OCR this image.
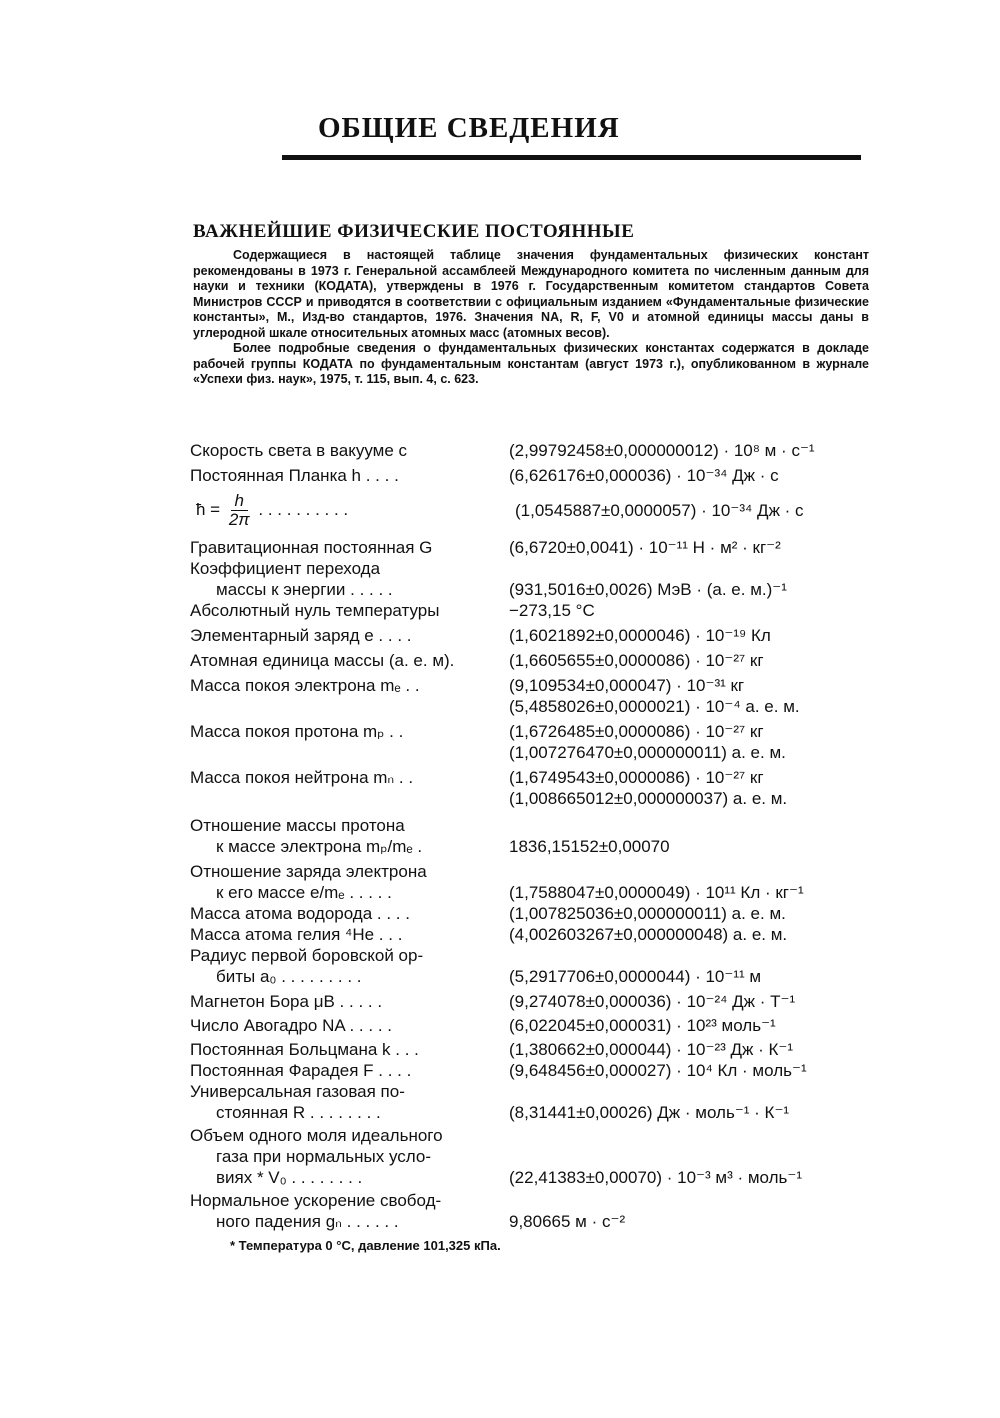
ОБЩИЕ СВЕДЕНИЯ
ВАЖНЕЙШИЕ ФИЗИЧЕСКИЕ ПОСТОЯННЫЕ

Содержащиеся в настоящей таблице значения фундаментальных физических констант рекомендованы в 1973 г. Генеральной ассамблеей Международного комитета по численным данным для науки и техники (КОДАТА), утверждены в 1976 г. Государственным комитетом стандартов Совета Министров СССР и приводятся в соответствии с официальным изданием «Фундаментальные физические константы», М., Изд-во стандартов, 1976. Значения NA, R, F, V0 и атомной единицы массы даны в углеродной шкале относительных атомных масс (атомных весов).

Более подробные сведения о фундаментальных физических константах содержатся в докладе рабочей группы КОДАТА по фундаментальным константам (август 1973 г.), опубликованном в журнале «Успехи физ. наук», 1975, т. 115, вып. 4, с. 623.

Скорость света в вакууме c	(2,99792458±0,000000012) · 10⁸ м · с⁻¹
Постоянная Планка h . . . .	(6,626176±0,000036) · 10⁻³⁴ Дж · с
ħ = $\frac{h}{2\pi}$ . . . . . . . . . .	(1,0545887±0,0000057) · 10⁻³⁴ Дж · с
Гравитационная постоянная G	(6,6720±0,0041) · 10⁻¹¹ Н · м² · кг⁻²
Коэффициент перехода
массы к энергии . . . . .	(931,5016±0,0026) МэВ · (а. е. м.)⁻¹
Абсолютный нуль температуры	−273,15 °С
Элементарный заряд e . . . .	(1,6021892±0,0000046) · 10⁻¹⁹ Кл
Атомная единица массы (а. е. м).	(1,6605655±0,0000086) · 10⁻²⁷ кг
Масса покоя электрона mₑ . .	(9,109534±0,000047) · 10⁻³¹ кг
(5,4858026±0,0000021) · 10⁻⁴ а. е. м.
Масса покоя протона mₚ . .	(1,6726485±0,0000086) · 10⁻²⁷ кг
(1,007276470±0,000000011) а. е. м.
Масса покоя нейтрона mₙ . .	(1,6749543±0,0000086) · 10⁻²⁷ кг
(1,008665012±0,000000037) а. е. м.
Отношение массы протона
к массе электрона mₚ/mₑ .	1836,15152±0,00070
Отношение заряда электрона
к его массе e/mₑ . . . . .	(1,7588047±0,0000049) · 10¹¹ Кл · кг⁻¹
Масса атома водорода . . . .	(1,007825036±0,000000011) а. е. м.
Масса атома гелия ⁴He . . .	(4,002603267±0,000000048) а. е. м.
Радиус первой боровской ор-
биты a₀ . . . . . . . . .	(5,2917706±0,0000044) · 10⁻¹¹ м
Магнетон Бора μB . . . . .	(9,274078±0,000036) · 10⁻²⁴ Дж · Т⁻¹
Число Авогадро NA . . . . .	(6,022045±0,000031) · 10²³ моль⁻¹
Постоянная Больцмана k . . .	(1,380662±0,000044) · 10⁻²³ Дж · К⁻¹
Постоянная Фарадея F . . . .	(9,648456±0,000027) · 10⁴ Кл · моль⁻¹
Универсальная газовая по-
стоянная R . . . . . . . .	(8,31441±0,00026) Дж · моль⁻¹ · К⁻¹
Объем одного моля идеального
газа при нормальных усло-
виях * V₀ . . . . . . . .	(22,41383±0,00070) · 10⁻³ м³ · моль⁻¹
Нормальное ускорение свобод-
ного падения gₙ . . . . . .	9,80665 м · с⁻²
* Температура 0 °С, давление 101,325 кПа.
